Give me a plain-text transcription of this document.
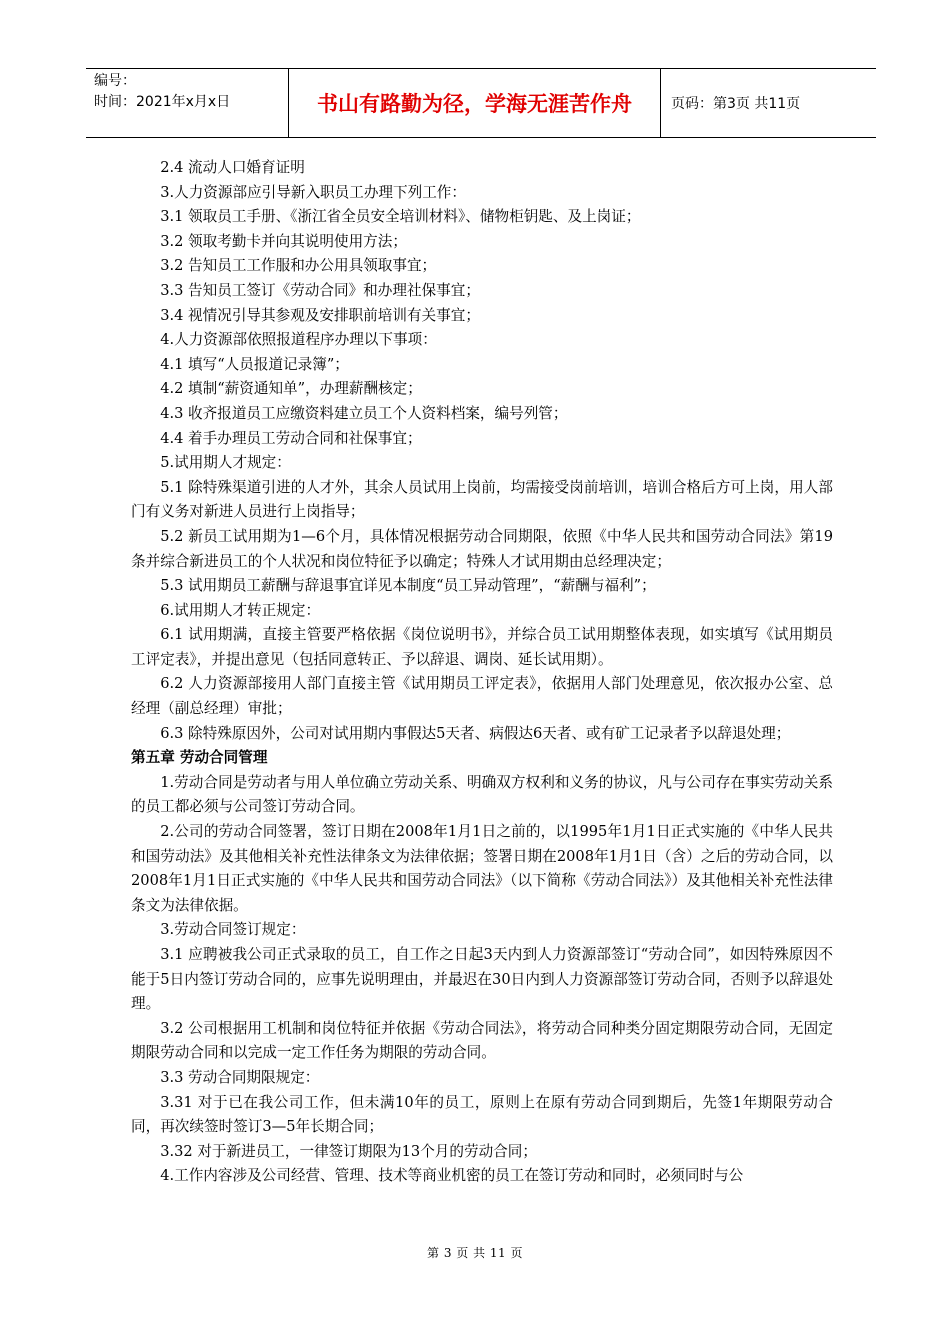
编号：
时间：2021年x月x日	书山有路勤为径，学海无涯苦作舟	页码：第3页 共11页

2.4 流动人口婚育证明

3.人力资源部应引导新入职员工办理下列工作：

3.1 领取员工手册、《浙江省全员安全培训材料》、储物柜钥匙、及上岗证；

3.2 领取考勤卡并向其说明使用方法；

3.2 告知员工工作服和办公用具领取事宜；

3.3 告知员工签订《劳动合同》和办理社保事宜；

3.4 视情况引导其参观及安排职前培训有关事宜；

4.人力资源部依照报道程序办理以下事项：

4.1 填写“人员报道记录簿”；

4.2 填制“薪资通知单”，办理薪酬核定；

4.3 收齐报道员工应缴资料建立员工个人资料档案，编号列管；

4.4 着手办理员工劳动合同和社保事宜；

5.试用期人才规定：

5.1 除特殊渠道引进的人才外，其余人员试用上岗前，均需接受岗前培训，培训合格后方可上岗，用人部门有义务对新进人员进行上岗指导；

5.2 新员工试用期为1—6个月，具体情况根据劳动合同期限，依照《中华人民共和国劳动合同法》第19条并综合新进员工的个人状况和岗位特征予以确定；特殊人才试用期由总经理决定；

5.3 试用期员工薪酬与辞退事宜详见本制度“员工异动管理”，“薪酬与福利”；

6.试用期人才转正规定：

6.1 试用期满，直接主管要严格依据《岗位说明书》，并综合员工试用期整体表现，如实填写《试用期员工评定表》，并提出意见（包括同意转正、予以辞退、调岗、延长试用期）。

6.2 人力资源部接用人部门直接主管《试用期员工评定表》，依据用人部门处理意见，依次报办公室、总经理（副总经理）审批；

6.3 除特殊原因外，公司对试用期内事假达5天者、病假达6天者、或有矿工记录者予以辞退处理；

第五章 劳动合同管理

1.劳动合同是劳动者与用人单位确立劳动关系、明确双方权利和义务的协议，凡与公司存在事实劳动关系的员工都必须与公司签订劳动合同。

2.公司的劳动合同签署，签订日期在2008年1月1日之前的，以1995年1月1日正式实施的《中华人民共和国劳动法》及其他相关补充性法律条文为法律依据；签署日期在2008年1月1日（含）之后的劳动合同，以2008年1月1日正式实施的《中华人民共和国劳动合同法》（以下简称《劳动合同法》）及其他相关补充性法律条文为法律依据。

3.劳动合同签订规定：

3.1 应聘被我公司正式录取的员工，自工作之日起3天内到人力资源部签订“劳动合同”，如因特殊原因不能于5日内签订劳动合同的，应事先说明理由，并最迟在30日内到人力资源部签订劳动合同，否则予以辞退处理。

3.2 公司根据用工机制和岗位特征并依据《劳动合同法》，将劳动合同种类分固定期限劳动合同，无固定期限劳动合同和以完成一定工作任务为期限的劳动合同。

3.3 劳动合同期限规定：

3.31 对于已在我公司工作，但未满10年的员工，原则上在原有劳动合同到期后，先签1年期限劳动合同，再次续签时签订3—5年长期合同；

3.32 对于新进员工，一律签订期限为13个月的劳动合同；

4.工作内容涉及公司经营、管理、技术等商业机密的员工在签订劳动和同时，必须同时与公

第 3 页 共 11 页
